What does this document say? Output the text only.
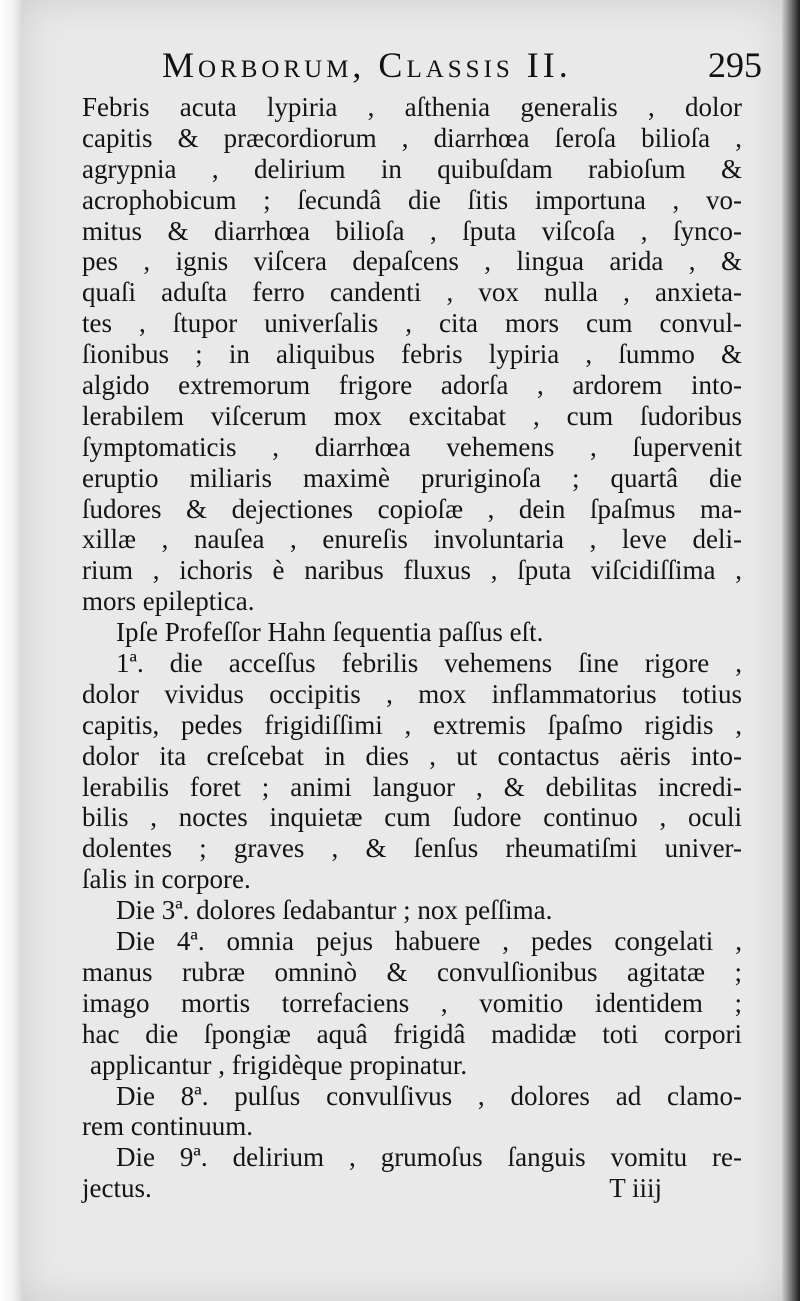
Morborum, Classis II.	295
Febris acuta lypiria , aſthenia generalis , dolor
capitis & præcordiorum , diarrhœa ſeroſa bilioſa ,
agrypnia , delirium in quibuſdam rabioſum &
acrophobicum ; ſecundâ die ſitis importuna , vo-
mitus & diarrhœa bilioſa , ſputa viſcoſa , ſynco-
pes , ignis viſcera depaſcens , lingua arida , &
quaſi aduſta ferro candenti , vox nulla , anxieta-
tes , ſtupor univerſalis , cita mors cum convul-
ſionibus ; in aliquibus febris lypiria , ſummo &
algido extremorum frigore adorſa , ardorem into-
lerabilem viſcerum mox excitabat , cum ſudoribus
ſymptomaticis , diarrhœa vehemens , ſupervenit
eruptio miliaris maximè pruriginoſa ; quartâ die
ſudores & dejectiones copioſæ , dein ſpaſmus ma-
xillæ , nauſea , enureſis involuntaria , leve deli-
rium , ichoris è naribus fluxus , ſputa viſcidiſſima ,
mors epileptica.
Ipſe Profeſſor Hahn ſequentia paſſus eſt.
1ª. die acceſſus febrilis vehemens ſine rigore ,
dolor vividus occipitis , mox inflammatorius totius
capitis, pedes frigidiſſimi , extremis ſpaſmo rigidis ,
dolor ita creſcebat in dies , ut contactus aëris into-
lerabilis foret ; animi languor , & debilitas incredi-
bilis , noctes inquietæ cum ſudore continuo , oculi
dolentes ; graves , & ſenſus rheumatiſmi univer-
ſalis in corpore.
Die 3ª. dolores ſedabantur ; nox peſſima.
Die 4ª. omnia pejus habuere , pedes congelati ,
manus rubræ omninò & convulſionibus agitatæ ;
imago mortis torrefaciens , vomitio identidem ;
hac die ſpongiæ aquâ frigidâ madidæ toti corpori
applicantur , frigidèque propinatur.
Die 8ª. pulſus convulſivus , dolores ad clamo-
rem continuum.
Die 9ª. delirium , grumoſus ſanguis vomitu re-
jectus.	T iiij
